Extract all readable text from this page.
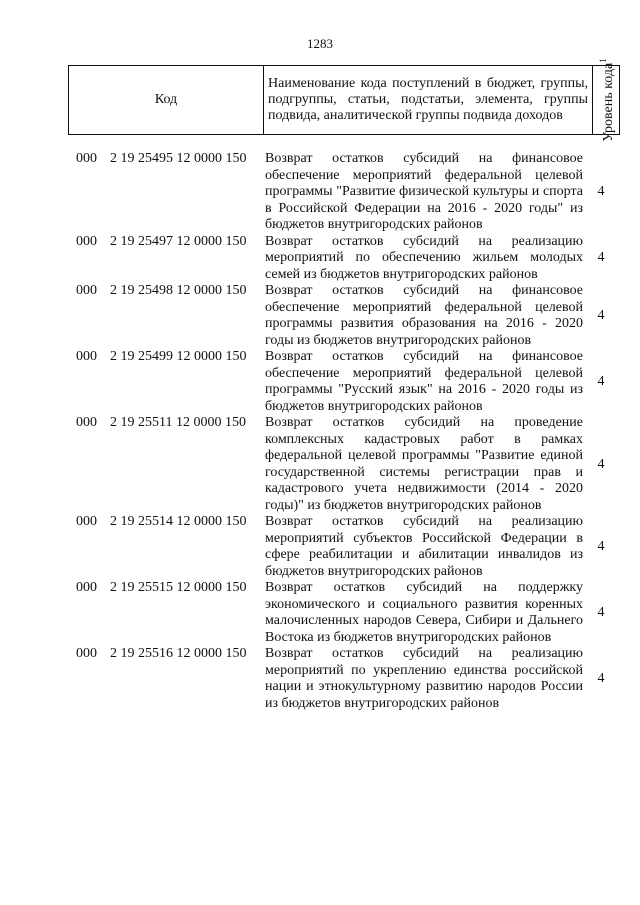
1283
Код	Наименование кода поступлений в бюджет, группы, подгруппы, статьи, подстатьи, элемента, группы подвида, аналитической группы подвида доходов	Уровень кода$^1$
000 2 19 25495 12 0000 150 Возврат остатков субсидий на финансовое обеспечение мероприятий федеральной целевой программы "Развитие физической культуры и спорта в Российской Федерации на 2016 - 2020 годы" из бюджетов внутригородских районов
4
000 2 19 25497 12 0000 150 Возврат остатков субсидий на реализацию мероприятий по обеспечению жильем молодых семей из бюджетов внутригородских районов
4
000 2 19 25498 12 0000 150 Возврат остатков субсидий на финансовое обеспечение мероприятий федеральной целевой программы развития образования на 2016 - 2020 годы из бюджетов внутригородских районов
4
000 2 19 25499 12 0000 150 Возврат остатков субсидий на финансовое обеспечение мероприятий федеральной целевой программы "Русский язык" на 2016 - 2020 годы из бюджетов внутригородских районов
4
000 2 19 25511 12 0000 150 Возврат остатков субсидий на проведение комплексных кадастровых работ в рамках федеральной целевой программы "Развитие единой государственной системы регистрации прав и кадастрового учета недвижимости (2014 - 2020 годы)" из бюджетов внутригородских районов
4
000 2 19 25514 12 0000 150 Возврат остатков субсидий на реализацию мероприятий субъектов Российской Федерации в сфере реабилитации и абилитации инвалидов из бюджетов внутригородских районов
4
000 2 19 25515 12 0000 150 Возврат остатков субсидий на поддержку экономического и социального развития коренных малочисленных народов Севера, Сибири и Дальнего Востока из бюджетов внутригородских районов
4
000 2 19 25516 12 0000 150 Возврат остатков субсидий на реализацию мероприятий по укреплению единства российской нации и этнокультурному развитию народов России из бюджетов внутригородских районов
4
